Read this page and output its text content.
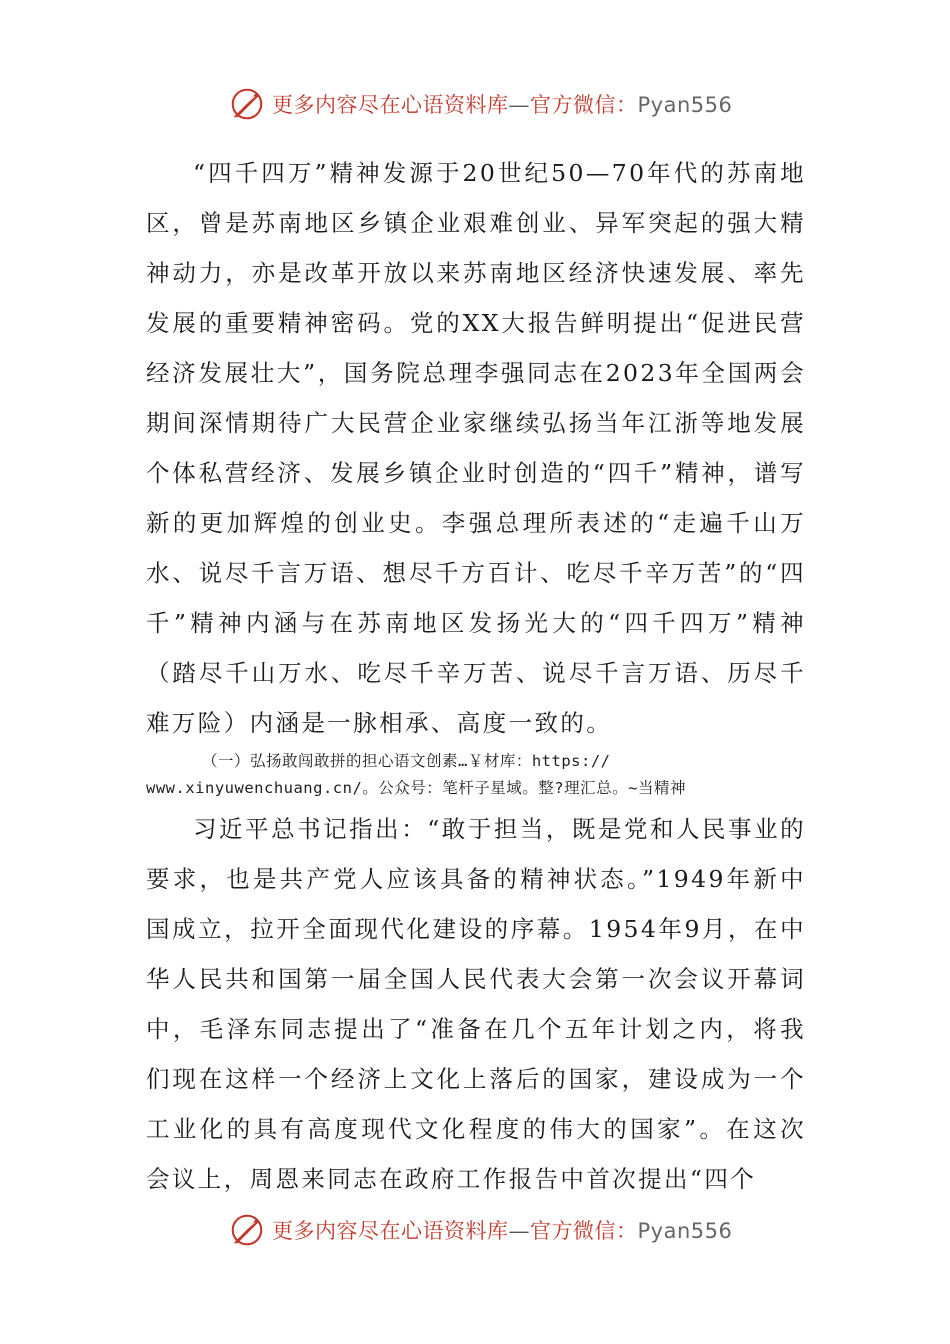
更多内容尽在心语资料库—官方微信：Pyan556

“四千四万”精神发源于20世纪50—70年代的苏南地区，曾是苏南地区乡镇企业艰难创业、异军突起的强大精神动力，亦是改革开放以来苏南地区经济快速发展、率先发展的重要精神密码。党的XX大报告鲜明提出“促进民营经济发展壮大”，国务院总理李强同志在2023年全国两会期间深情期待广大民营企业家继续弘扬当年江浙等地发展个体私营经济、发展乡镇企业时创造的“四千”精神，谱写新的更加辉煌的创业史。李强总理所表述的“走遍千山万水、说尽千言万语、想尽千方百计、吃尽千辛万苦”的“四千”精神内涵与在苏南地区发扬光大的“四千四万”精神（踏尽千山万水、吃尽千辛万苦、说尽千言万语、历尽千难万险）内涵是一脉相承、高度一致的。

（一）弘扬敢闯敢拼的担心语文创素…￥材库：https://
www.xinyuwenchuang.cn/。公众号：笔杆子星域。整?理汇总。~当精神

习近平总书记指出：“敢于担当，既是党和人民事业的要求，也是共产党人应该具备的精神状态。”1949年新中国成立，拉开全面现代化建设的序幕。1954年9月，在中华人民共和国第一届全国人民代表大会第一次会议开幕词中，毛泽东同志提出了“准备在几个五年计划之内，将我们现在这样一个经济上文化上落后的国家，建设成为一个工业化的具有高度现代文化程度的伟大的国家”。在这次会议上，周恩来同志在政府工作报告中首次提出“四个

更多内容尽在心语资料库—官方微信：Pyan556
